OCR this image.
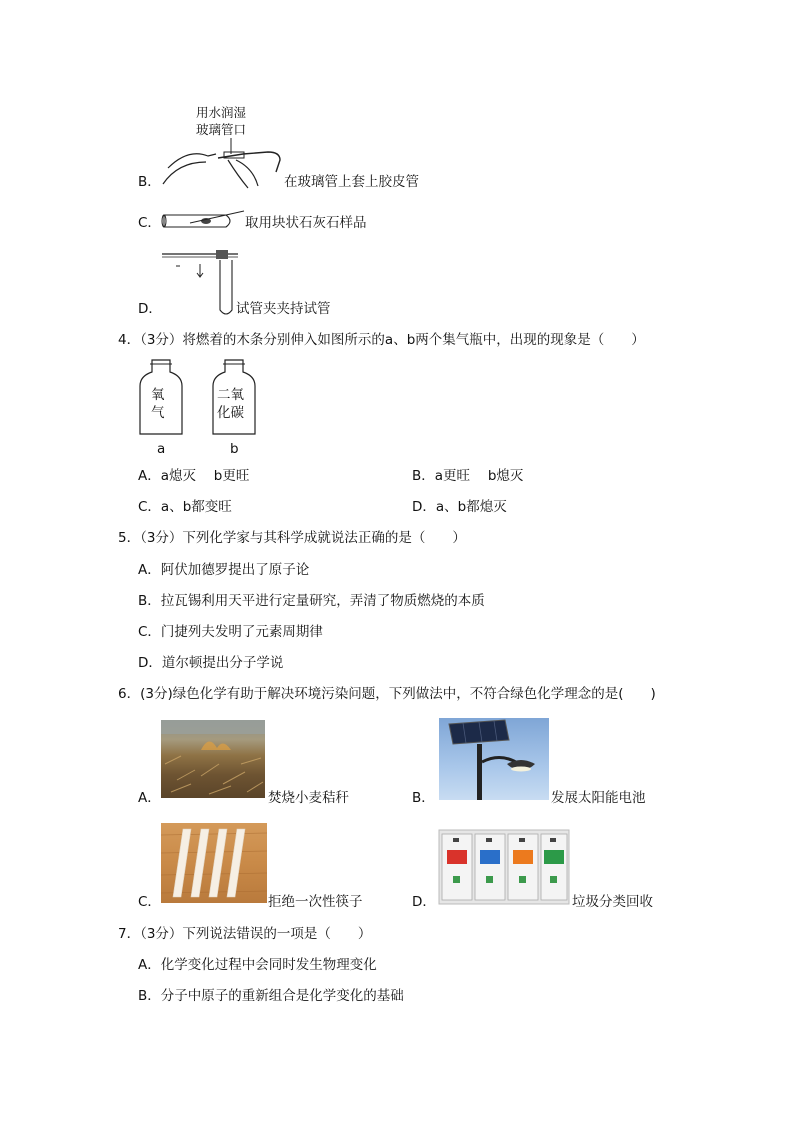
用水润湿
玻璃管口
B．	在玻璃管上套上胶皮管
C．	取用块状石灰石样品
D．	试管夹夹持试管
4．（3分）将燃着的木条分别伸入如图所示的a、b两个集气瓶中，出现的现象是（　　）
氧
气
a
二氧
化碳
b
A．a熄灭　 b更旺	B．a更旺　 b熄灭
C．a、b都变旺	D．a、b都熄灭
5．（3分）下列化学家与其科学成就说法正确的是（　　）
A．阿伏加德罗提出了原子论
B．拉瓦锡利用天平进行定量研究，弄清了物质燃烧的本质
C．门捷列夫发明了元素周期律
D．道尔顿提出分子学说
6．(3分)绿色化学有助于解决环境污染问题，下列做法中，不符合绿色化学理念的是(　　)
A．	焚烧小麦秸秆	B．	发展太阳能电池
C．	拒绝一次性筷子	D．	垃圾分类回收
7．（3分）下列说法错误的一项是（　　）
A．化学变化过程中会同时发生物理变化
B．分子中原子的重新组合是化学变化的基础
